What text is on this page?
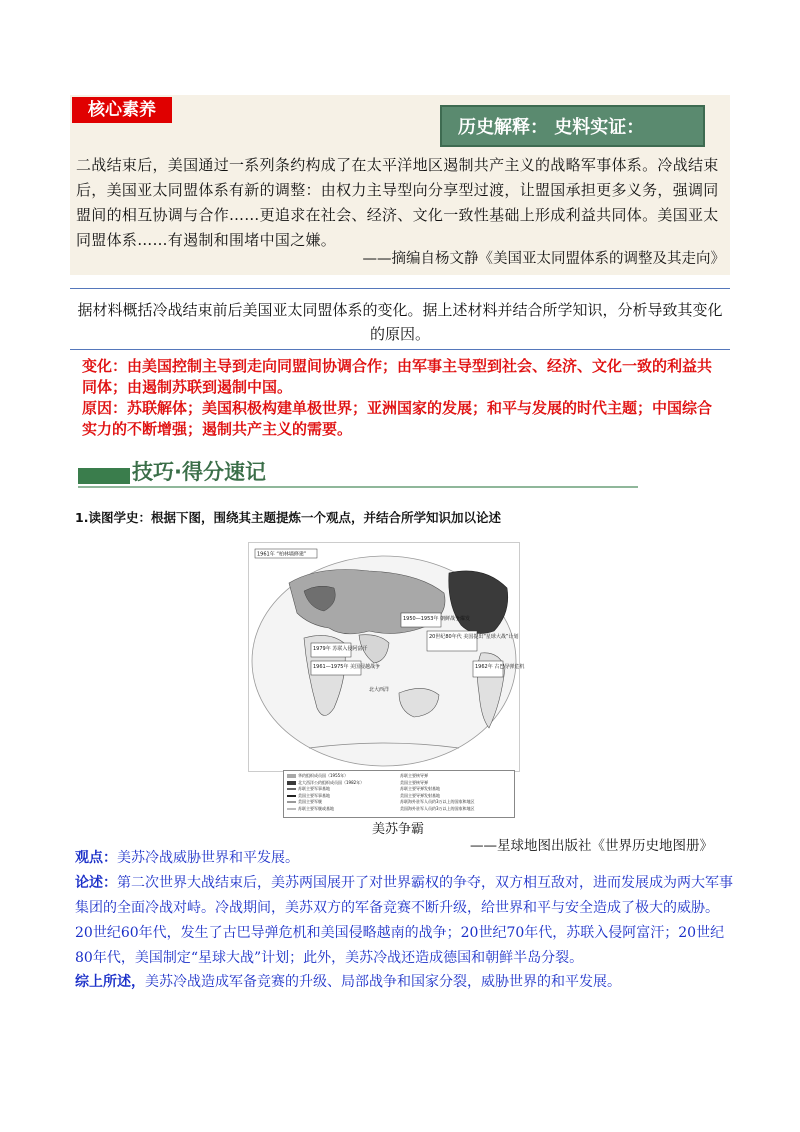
核心素养
历史解释： 史料实证：
二战结束后，美国通过一系列条约构成了在太平洋地区遏制共产主义的战略军事体系。冷战结束后，美国亚太同盟体系有新的调整：由权力主导型向分享型过渡，让盟国承担更多义务，强调同盟间的相互协调与合作……更追求在社会、经济、文化一致性基础上形成利益共同体。美国亚太同盟体系……有遏制和围堵中国之嫌。
——摘编自杨文静《美国亚太同盟体系的调整及其走向》
据材料概括冷战结束前后美国亚太同盟体系的变化。据上述材料并结合所学知识，分析导致其变化的原因。
变化：由美国控制主导到走向同盟间协调合作；由军事主导型到社会、经济、文化一致的利益共同体；由遏制苏联到遏制中国。
原因：苏联解体；美国积极构建单极世界；亚洲国家的发展；和平与发展的时代主题；中国综合实力的不断增强；遏制共产主义的需要。
技巧·得分速记
1.读图学史：根据下图，围绕其主题提炼一个观点，并结合所学知识加以论述
1961年 “柏林墙修建”
1950—1953年 朝鲜战争爆发
20世纪80年代 美国提出“星球大战”计划
1979年 苏联入侵阿富汗
1961—1975年 美国侵越战争	1962年 古巴导弹危机
北大西洋
华约组织成员国（1955年）
北大西洋公约组织成员国（1982年）
苏联主要军事基地
美国主要军事基地
美国主要军舰
苏联主要军舰或基地
苏联主要核导弹
美国主要核导弹
苏联主要导弹发射基地
美国主要导弹发射基地
苏联海外驻军人员约3万以上的国家和地区
美国海外驻军人员约3万以上的国家和地区
美苏争霸
——星球地图出版社《世界历史地图册》
观点：美苏冷战威胁世界和平发展。
论述：第二次世界大战结束后，美苏两国展开了对世界霸权的争夺，双方相互敌对，进而发展成为两大军事集团的全面冷战对峙。冷战期间，美苏双方的军备竞赛不断升级，给世界和平与安全造成了极大的威胁。20世纪60年代，发生了古巴导弹危机和美国侵略越南的战争；20世纪70年代，苏联入侵阿富汗；20世纪80年代，美国制定“星球大战”计划；此外，美苏冷战还造成德国和朝鲜半岛分裂。
综上所述，美苏冷战造成军备竞赛的升级、局部战争和国家分裂，威胁世界的和平发展。
